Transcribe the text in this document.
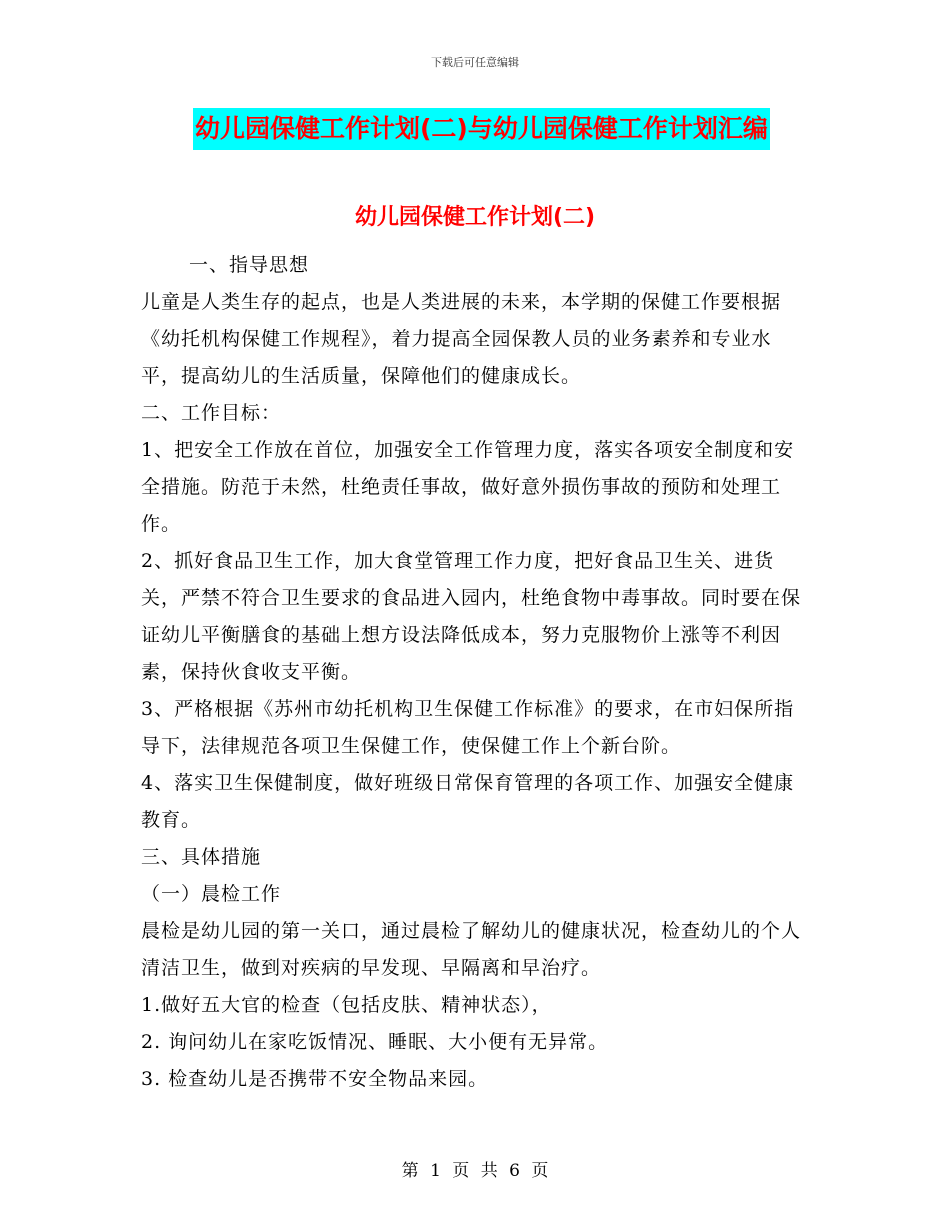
下载后可任意编辑
幼儿园保健工作计划(二)与幼儿园保健工作计划汇编
幼儿园保健工作计划(二)

一、指导思想

儿童是人类生存的起点，也是人类进展的未来，本学期的保健工作要根据《幼托机构保健工作规程》，着力提高全园保教人员的业务素养和专业水平，提高幼儿的生活质量，保障他们的健康成长。

二、工作目标：

1、把安全工作放在首位，加强安全工作管理力度，落实各项安全制度和安全措施。防范于未然，杜绝责任事故，做好意外损伤事故的预防和处理工作。

2、抓好食品卫生工作，加大食堂管理工作力度，把好食品卫生关、进货关，严禁不符合卫生要求的食品进入园内，杜绝食物中毒事故。同时要在保证幼儿平衡膳食的基础上想方设法降低成本，努力克服物价上涨等不利因素，保持伙食收支平衡。

3、严格根据《苏州市幼托机构卫生保健工作标准》的要求，在市妇保所指导下，法律规范各项卫生保健工作，使保健工作上个新台阶。

4、落实卫生保健制度，做好班级日常保育管理的各项工作、加强安全健康教育。

三、具体措施

（一）晨检工作

晨检是幼儿园的第一关口，通过晨检了解幼儿的健康状况，检查幼儿的个人清洁卫生，做到对疾病的早发现、早隔离和早治疗。

1.做好五大官的检查（包括皮肤、精神状态），

2. 询问幼儿在家吃饭情况、睡眠、大小便有无异常。

3. 检查幼儿是否携带不安全物品来园。

第 1 页 共 6 页
